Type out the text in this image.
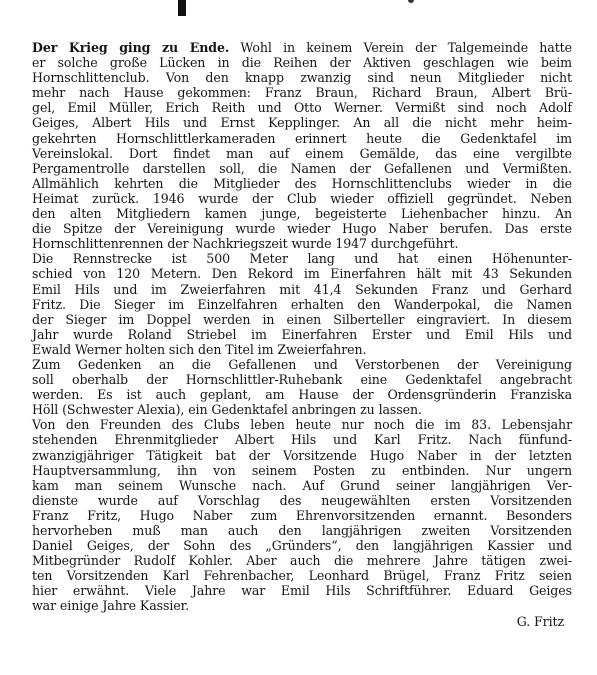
Der Krieg ging zu Ende. Wohl in keinem Verein der Talgemeinde hatte
er solche große Lücken in die Reihen der Aktiven geschlagen wie beim
Hornschlittenclub. Von den knapp zwanzig sind neun Mitglieder nicht
mehr nach Hause gekommen: Franz Braun, Richard Braun, Albert Brü-
gel, Emil Müller, Erich Reith und Otto Werner. Vermißt sind noch Adolf
Geiges, Albert Hils und Ernst Kepplinger. An all die nicht mehr heim-
gekehrten Hornschlittlerkameraden erinnert heute die Gedenktafel im
Vereinslokal. Dort findet man auf einem Gemälde, das eine vergilbte
Pergamentrolle darstellen soll, die Namen der Gefallenen und Vermißten.
Allmählich kehrten die Mitglieder des Hornschlittenclubs wieder in die
Heimat zurück. 1946 wurde der Club wieder offiziell gegründet. Neben
den alten Mitgliedern kamen junge, begeisterte Liehenbacher hinzu. An
die Spitze der Vereinigung wurde wieder Hugo Naber berufen. Das erste
Hornschlittenrennen der Nachkriegszeit wurde 1947 durchgeführt.
Die Rennstrecke ist 500 Meter lang und hat einen Höhenunter-
schied von 120 Metern. Den Rekord im Einerfahren hält mit 43 Sekunden
Emil Hils und im Zweierfahren mit 41,4 Sekunden Franz und Gerhard
Fritz. Die Sieger im Einzelfahren erhalten den Wanderpokal, die Namen
der Sieger im Doppel werden in einen Silberteller eingraviert. In diesem
Jahr wurde Roland Striebel im Einerfahren Erster und Emil Hils und
Ewald Werner holten sich den Titel im Zweierfahren.
Zum Gedenken an die Gefallenen und Verstorbenen der Vereinigung
soll oberhalb der Hornschlittler-Ruhebank eine Gedenktafel angebracht
werden. Es ist auch geplant, am Hause der Ordensgründerin Franziska
Höll (Schwester Alexia), ein Gedenktafel anbringen zu lassen.
Von den Freunden des Clubs leben heute nur noch die im 83. Lebensjahr
stehenden Ehrenmitglieder Albert Hils und Karl Fritz. Nach fünfund-
zwanzigjähriger Tätigkeit bat der Vorsitzende Hugo Naber in der letzten
Hauptversammlung, ihn von seinem Posten zu entbinden. Nur ungern
kam man seinem Wunsche nach. Auf Grund seiner langjährigen Ver-
dienste wurde auf Vorschlag des neugewählten ersten Vorsitzenden
Franz Fritz, Hugo Naber zum Ehrenvorsitzenden ernannt. Besonders
hervorheben muß man auch den langjährigen zweiten Vorsitzenden
Daniel Geiges, der Sohn des „Gründers“, den langjährigen Kassier und
Mitbegründer Rudolf Kohler. Aber auch die mehrere Jahre tätigen zwei-
ten Vorsitzenden Karl Fehrenbacher, Leonhard Brügel, Franz Fritz seien
hier erwähnt. Viele Jahre war Emil Hils Schriftführer. Eduard Geiges
war einige Jahre Kassier.
G. Fritz
